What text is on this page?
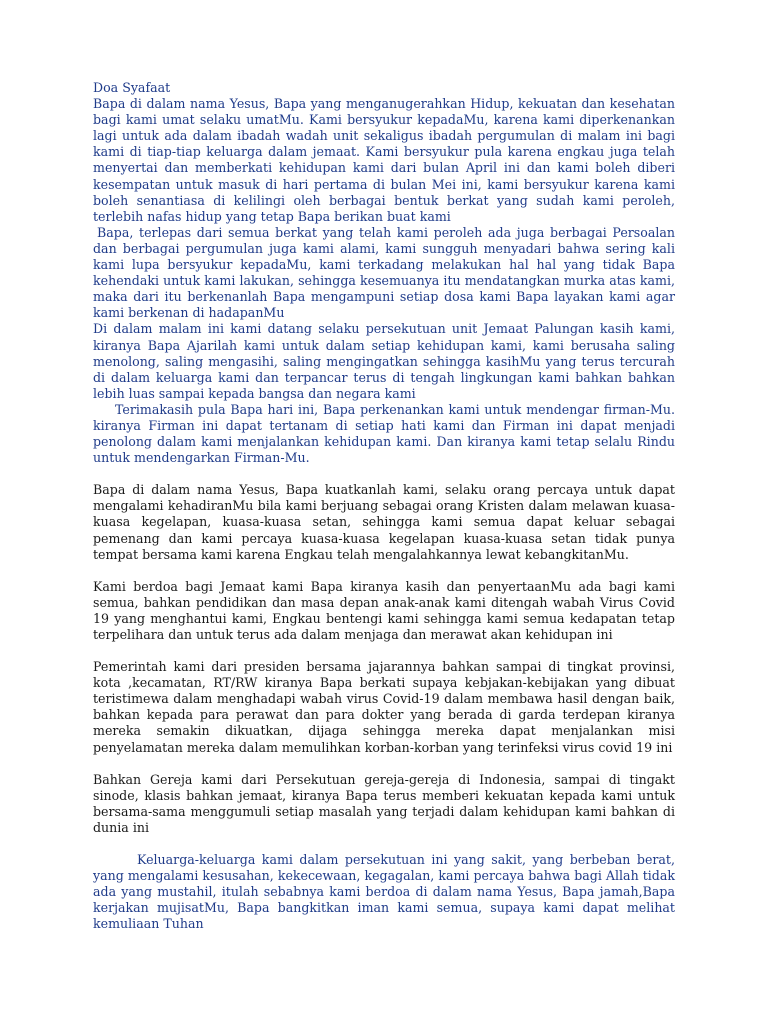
Doa Syafaat

Bapa di dalam nama Yesus, Bapa yang menganugerahkan Hidup, kekuatan dan kesehatan bagi kami umat selaku umatMu. Kami bersyukur kepadaMu, karena kami diperkenankan lagi untuk ada dalam ibadah wadah unit sekaligus ibadah pergumulan di malam ini bagi kami di tiap-tiap keluarga dalam jemaat. Kami bersyukur pula karena engkau juga telah menyertai dan memberkati kehidupan kami dari bulan April ini dan kami boleh diberi kesempatan untuk masuk di hari pertama di bulan Mei ini, kami bersyukur karena kami boleh senantiasa di kelilingi oleh berbagai bentuk berkat yang sudah kami peroleh, terlebih nafas hidup yang tetap Bapa berikan buat kami

Bapa, terlepas dari semua berkat yang telah kami peroleh ada juga berbagai Persoalan dan berbagai pergumulan juga kami alami, kami sungguh menyadari bahwa sering kali kami lupa bersyukur kepadaMu, kami terkadang melakukan hal hal yang tidak Bapa kehendaki untuk kami lakukan, sehingga kesemuanya itu mendatangkan murka atas kami, maka dari itu berkenanlah Bapa mengampuni setiap dosa kami Bapa layakan kami agar kami berkenan di hadapanMu

Di dalam malam ini kami datang selaku persekutuan unit Jemaat Palungan kasih kami, kiranya Bapa Ajarilah kami untuk dalam setiap kehidupan kami, kami berusaha saling menolong, saling mengasihi, saling mengingatkan sehingga kasihMu yang terus tercurah di dalam keluarga kami dan terpancar terus di tengah lingkungan kami bahkan bahkan lebih luas sampai kepada bangsa dan negara kami

Terimakasih pula Bapa hari ini, Bapa perkenankan kami untuk mendengar firman-Mu. kiranya Firman ini dapat tertanam di setiap hati kami dan Firman ini dapat menjadi penolong dalam kami menjalankan kehidupan kami. Dan kiranya kami tetap selalu Rindu untuk mendengarkan Firman-Mu.

Bapa di dalam nama Yesus, Bapa kuatkanlah kami, selaku orang percaya untuk dapat mengalami kehadiranMu bila kami berjuang sebagai orang Kristen dalam melawan kuasa-kuasa kegelapan, kuasa-kuasa setan, sehingga kami semua dapat keluar sebagai pemenang dan kami percaya kuasa-kuasa kegelapan kuasa-kuasa setan tidak punya tempat bersama kami karena Engkau telah mengalahkannya lewat kebangkitanMu.

Kami berdoa bagi Jemaat kami Bapa kiranya kasih dan penyertaanMu ada bagi kami semua, bahkan pendidikan dan masa depan anak-anak kami ditengah wabah Virus Covid 19 yang menghantui kami, Engkau bentengi kami sehingga kami semua kedapatan tetap terpelihara dan untuk terus ada dalam menjaga dan merawat akan kehidupan ini

Pemerintah kami dari presiden bersama jajarannya bahkan sampai di tingkat provinsi, kota ,kecamatan, RT/RW kiranya Bapa berkati supaya kebjakan-kebijakan yang dibuat teristimewa dalam menghadapi wabah virus Covid-19 dalam membawa hasil dengan baik, bahkan kepada para perawat dan para dokter yang berada di garda terdepan kiranya mereka semakin dikuatkan, dijaga sehingga mereka dapat menjalankan misi penyelamatan mereka dalam memulihkan korban-korban yang terinfeksi virus covid 19 ini

Bahkan Gereja kami dari Persekutuan gereja-gereja di Indonesia, sampai di tingakt sinode, klasis bahkan jemaat, kiranya Bapa terus memberi kekuatan kepada kami untuk bersama-sama menggumuli setiap masalah yang terjadi dalam kehidupan kami bahkan di dunia ini

Keluarga-keluarga kami dalam persekutuan ini yang sakit, yang berbeban berat, yang mengalami kesusahan, kekecewaan, kegagalan, kami percaya bahwa bagi Allah tidak ada yang mustahil, itulah sebabnya kami berdoa di dalam nama Yesus, Bapa jamah,Bapa kerjakan mujisatMu, Bapa bangkitkan iman kami semua, supaya kami dapat melihat kemuliaan Tuhan
